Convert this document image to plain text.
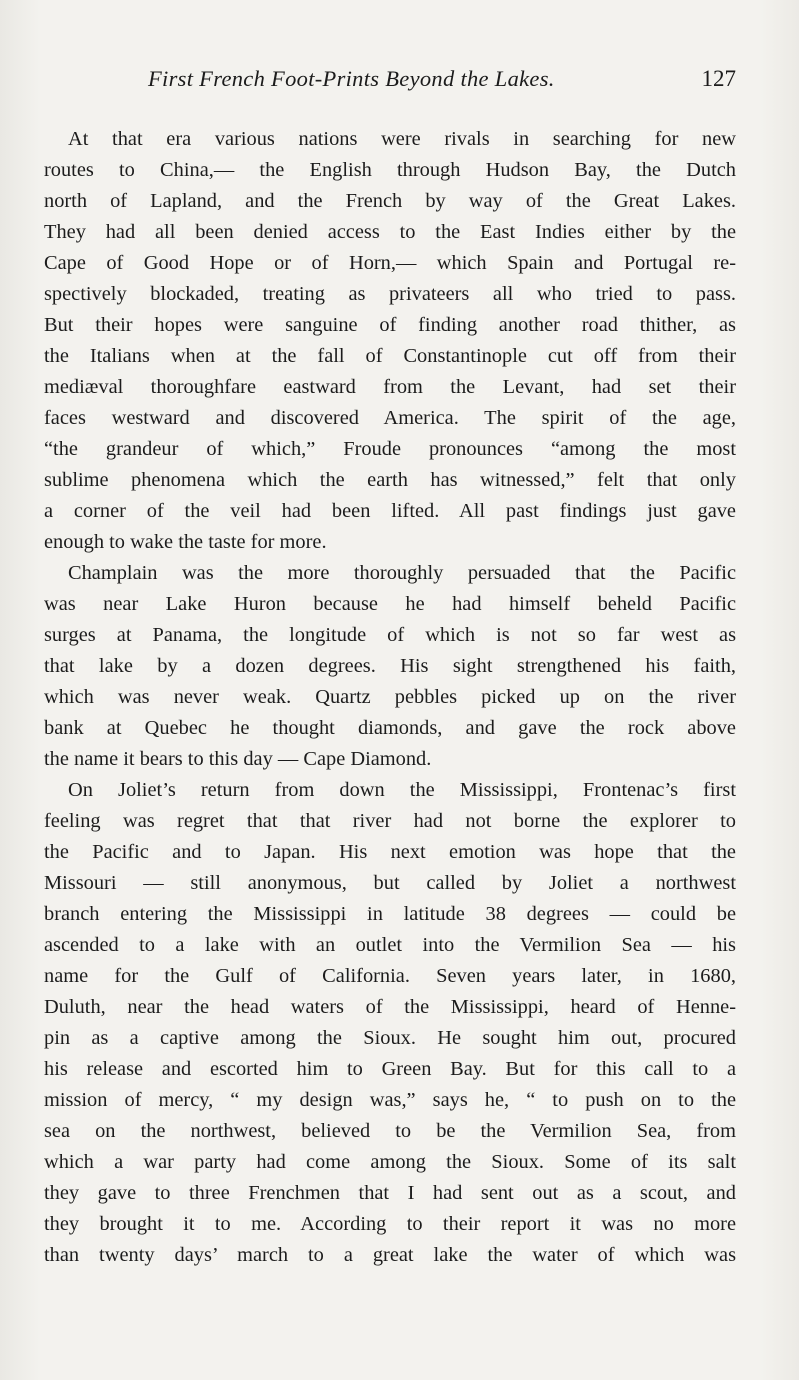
First French Foot-Prints Beyond the Lakes.	127
At that era various nations were rivals in searching for new
routes to China,— the English through Hudson Bay, the Dutch
north of Lapland, and the French by way of the Great Lakes.
They had all been denied access to the East Indies either by the
Cape of Good Hope or of Horn,— which Spain and Portugal re-
spectively blockaded, treating as privateers all who tried to pass.
But their hopes were sanguine of finding another road thither, as
the Italians when at the fall of Constantinople cut off from their
mediæval thoroughfare eastward from the Levant, had set their
faces westward and discovered America. The spirit of the age,
“the grandeur of which,” Froude pronounces “among the most
sublime phenomena which the earth has witnessed,” felt that only
a corner of the veil had been lifted. All past findings just gave
enough to wake the taste for more.
Champlain was the more thoroughly persuaded that the Pacific
was near Lake Huron because he had himself beheld Pacific
surges at Panama, the longitude of which is not so far west as
that lake by a dozen degrees. His sight strengthened his faith,
which was never weak. Quartz pebbles picked up on the river
bank at Quebec he thought diamonds, and gave the rock above
the name it bears to this day — Cape Diamond.
On Joliet’s return from down the Mississippi, Frontenac’s first
feeling was regret that that river had not borne the explorer to
the Pacific and to Japan. His next emotion was hope that the
Missouri — still anonymous, but called by Joliet a northwest
branch entering the Mississippi in latitude 38 degrees — could be
ascended to a lake with an outlet into the Vermilion Sea — his
name for the Gulf of California. Seven years later, in 1680,
Duluth, near the head waters of the Mississippi, heard of Henne-
pin as a captive among the Sioux. He sought him out, procured
his release and escorted him to Green Bay. But for this call to a
mission of mercy, “ my design was,” says he, “ to push on to the
sea on the northwest, believed to be the Vermilion Sea, from
which a war party had come among the Sioux. Some of its salt
they gave to three Frenchmen that I had sent out as a scout, and
they brought it to me. According to their report it was no more
than twenty days’ march to a great lake the water of which was
